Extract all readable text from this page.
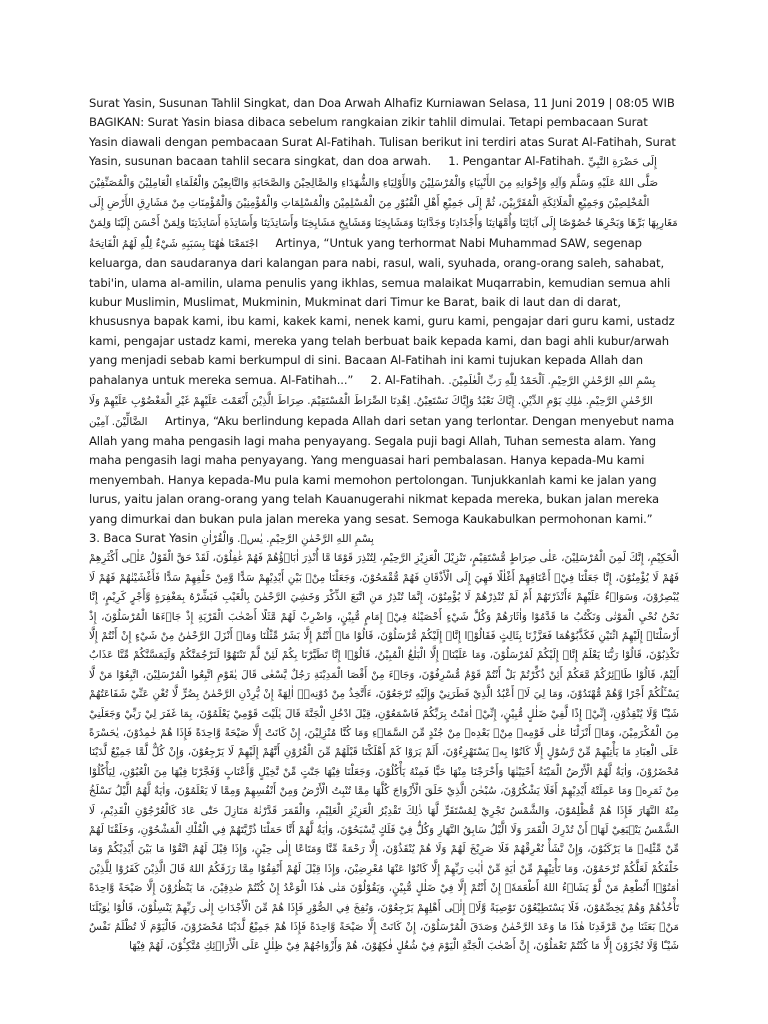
Surat Yasin, Susunan Tahlil Singkat, dan Doa Arwah Alhafiz Kurniawan Selasa, 11 Juni 2019 | 08:05 WIB BAGIKAN: Surat Yasin biasa dibaca sebelum rangkaian zikir tahlil dimulai. Tetapi pembacaan Surat Yasin diawali dengan pembacaan Surat Al-Fatihah. Tulisan berikut ini terdiri atas Surat Al-Fatihah, Surat Yasin, susunan bacaan tahlil secara singkat, dan doa arwah. 1. Pengantar Al-Fatihah. إِلَى حَضْرَةِ النَّبِيِّ صَلَّى اللهُ عَلَيْهِ وَسَلَّمَ وَآلِهِ وَإِخْوَانِهِ مِنَ الأَنْبِيَاءِ وَالْمُرْسَلِيْنَ وَالأَوْلِيَاءِ وَالشُّهَدَاءِ وَالصَّالِحِيْنَ وَالصَّحَابَةِ وَالتَّابِعِيْنَ وَالْعُلَمَاءِ الْعَامِلِيْنَ وَالْمُصَنِّفِيْنَ الْمُخْلِصِيْنَ وَجَمِيْعِ الْمَلَائِكَةِ الْمُقَرَّبِيْنَ، ثُمَّ إِلَى جَمِيْعِ أَهْلِ الْقُبُوْرِ مِنَ الْمُسْلِمِيْنَ وَالْمُسْلِمَاتِ وَالْمُؤْمِنِيْنَ وَالْمُؤْمِنَاتِ مِنْ مَشَارِقِ الأَرْضِ إِلَى مَغَارِبِهَا بَرِّهَا وَبَحْرِهَا خُصُوْصًا إِلَى آبَائِنَا وَأُمَّهَاتِنَا وَأَجْدَادِنَا وَجَدَّاتِنَا وَمَشَايِخِنَا وَمَشَايِخِ مَشَايِخِنَا وَأَسَاتِذَتِنَا وَأَسَاتِذَةِ أَسَاتِذَتِنَا وَلِمَنْ أَحْسَنَ إِلَيْنَا وَلِمَنْ اجْتَمَعْنَا هٰهُنَا بِسَبَبِهِ شَيْءٌ لِلّٰهِ لَهُمُ الْفَاتِحَةُ Artinya, “Untuk yang terhormat Nabi Muhammad SAW, segenap keluarga, dan saudaranya dari kalangan para nabi, rasul, wali, syuhada, orang-orang saleh, sahabat, tabi'in, ulama al-amilin, ulama penulis yang ikhlas, semua malaikat Muqarrabin, kemudian semua ahli kubur Muslimin, Muslimat, Mukminin, Mukminat dari Timur ke Barat, baik di laut dan di darat, khususnya bapak kami, ibu kami, kakek kami, nenek kami, guru kami, pengajar dari guru kami, ustadz kami, pengajar ustadz kami, mereka yang telah berbuat baik kepada kami, dan bagi ahli kubur/arwah yang menjadi sebab kami berkumpul di sini. Bacaan Al-Fatihah ini kami tujukan kepada Allah dan pahalanya untuk mereka semua. Al-Fatihah...” 2. Al-Fatihah. بِسْمِ اللهِ الرَّحْمٰنِ الرَّحِيْمِ. اَلْحَمْدُ لِلّٰهِ رَبِّ الْعٰلَمِيْنَ. الرَّحْمٰنِ الرَّحِيْمِ. مٰلِكِ يَوْمِ الدِّيْنِ. إِيَّاكَ نَعْبُدُ وَإِيَّاكَ نَسْتَعِيْنُ. اِهْدِنَا الصِّرَاطَ الْمُسْتَقِيْمَ. صِرَاطَ الَّذِيْنَ أَنْعَمْتَ عَلَيْهِمْ غَيْرِ الْمَغْضُوْبِ عَلَيْهِمْ وَلَا الضَّالِّيْنَ. آمِيْن Artinya, “Aku berlindung kepada Allah dari setan yang terlontar. Dengan menyebut nama Allah yang maha pengasih lagi maha penyayang. Segala puji bagi Allah, Tuhan semesta alam. Yang maha pengasih lagi maha penyayang. Yang menguasai hari pembalasan. Hanya kepada-Mu kami menyembah. Hanya kepada-Mu pula kami memohon pertolongan. Tunjukkanlah kami ke jalan yang lurus, yaitu jalan orang-orang yang telah Kauanugerahi nikmat kepada mereka, bukan jalan mereka yang dimurkai dan bukan pula jalan mereka yang sesat. Semoga Kaukabulkan permohonan kami.”  3. Baca Surat Yasin بِسْمِ اللهِ الرَّحْمٰنِ الرَّحِيْمِ. يٰسۤ. وَالْقُرْاٰنِ

الْحَكِيْمِ، إِنَّكَ لَمِنَ الْمُرْسَلِيْنَ، عَلٰى صِرَاطٍ مُّسْتَقِيْمٍ، تَنْزِيْلَ الْعَزِيْزِ الرَّحِيْمِ، لِتُنْذِرَ قَوْمًا مَّا أُنْذِرَ اٰبَاۤؤُهُمْ فَهُمْ غٰفِلُوْنَ، لَقَدْ حَقَّ الْقَوْلُ عَلٰۤى أَكْثَرِهِمْ فَهُمْ لَا يُؤْمِنُوْنَ، إِنَّا جَعَلْنَا فِيْۤ أَعْنَاقِهِمْ أَغْلٰلًا فَهِيَ إِلَى الْأَذْقَانِ فَهُمْ مُّقْمَحُوْنَ، وَجَعَلْنَا مِنْۢ بَيْنِ أَيْدِيْهِمْ سَدًّا وَّمِنْ خَلْفِهِمْ سَدًّا فَأَغْشَيْنٰهُمْ فَهُمْ لَا يُبْصِرُوْنَ، وَسَوَاۤءٌ عَلَيْهِمْ ءَأَنْذَرْتَهُمْ أَمْ لَمْ تُنْذِرْهُمْ لَا يُؤْمِنُوْنَ، إِنَّمَا تُنْذِرُ مَنِ اتَّبَعَ الذِّكْرَ وَخَشِيَ الرَّحْمٰنَ بِالْغَيْبِ فَبَشِّرْهُ بِمَغْفِرَةٍ وَّأَجْرٍ كَرِيْمٍ، إِنَّا نَحْنُ نُحْيِ الْمَوْتٰى وَنَكْتُبُ مَا قَدَّمُوْا وَاٰثَارَهُمْ وَكُلَّ شَيْءٍ أَحْصَيْنٰهُ فِيْۤ إِمَامٍ مُّبِيْنٍ، وَاضْرِبْ لَهُمْ مَّثَلًا أَصْحٰبَ الْقَرْيَةِ إِذْ جَاۤءَهَا الْمُرْسَلُوْنَ، إِذْ أَرْسَلْنَاۤ إِلَيْهِمُ اثْنَيْنِ فَكَذَّبُوْهُمَا فَعَزَّزْنَا بِثَالِثٍ فَقَالُوْۤا إِنَّاۤ إِلَيْكُمْ مُّرْسَلُوْنَ، قَالُوْا مَاۤ أَنْتُمْ إِلَّا بَشَرٌ مِّثْلُنَا وَمَاۤ أَنْزَلَ الرَّحْمٰنُ مِنْ شَيْءٍ إِنْ أَنْتُمْ إِلَّا تَكْذِبُوْنَ، قَالُوْا رَبُّنَا يَعْلَمُ إِنَّاۤ إِلَيْكُمْ لَمُرْسَلُوْنَ، وَمَا عَلَيْنَاۤ إِلَّا الْبَلٰغُ الْمُبِيْنُ، قَالُوْۤا إِنَّا تَطَيَّرْنَا بِكُمْ لَئِنْ لَّمْ تَنْتَهُوْا لَنَرْجُمَنَّكُمْ وَلَيَمَسَّنَّكُمْ مِّنَّا عَذَابٌ أَلِيْمٌ، قَالُوْا طَاۤئِرُكُمْ مَّعَكُمْ أَئِنْ ذُكِّرْتُمْ بَلْ أَنْتُمْ قَوْمٌ مُّسْرِفُوْنَ، وَجَاۤءَ مِنْ أَقْصَا الْمَدِيْنَةِ رَجُلٌ يَّسْعٰى قَالَ يٰقَوْمِ اتَّبِعُوا الْمُرْسَلِيْنَ، اتَّبِعُوْا مَنْ لَّا يَسْـَٔلُكُمْ أَجْرًا وَّهُمْ مُّهْتَدُوْنَ، وَمَا لِيَ لَاۤ أَعْبُدُ الَّذِيْ فَطَرَنِيْ وَإِلَيْهِ تُرْجَعُوْنَ، ءَأَتَّخِذُ مِنْ دُوْنِهٖۤ اٰلِهَةً إِنْ يُّرِدْنِ الرَّحْمٰنُ بِضُرٍّ لَّا تُغْنِ عَنِّيْ شَفَاعَتُهُمْ شَيْـًٔا وَّلَا يُنْقِذُوْنِ، إِنِّيْۤ إِذًا لَّفِيْ ضَلٰلٍ مُّبِيْنٍ، إِنِّيْۤ اٰمَنْتُ بِرَبِّكُمْ فَاسْمَعُوْنِ، قِيْلَ ادْخُلِ الْجَنَّةَ قَالَ يٰلَيْتَ قَوْمِيْ يَعْلَمُوْنَ، بِمَا غَفَرَ لِيْ رَبِّيْ وَجَعَلَنِيْ مِنَ الْمُكْرَمِيْنَ، وَمَاۤ أَنْزَلْنَا عَلٰى قَوْمِهٖ مِنْۢ بَعْدِهٖ مِنْ جُنْدٍ مِّنَ السَّمَاۤءِ وَمَا كُنَّا مُنْزِلِيْنَ، إِنْ كَانَتْ إِلَّا صَيْحَةً وَّاحِدَةً فَإِذَا هُمْ خٰمِدُوْنَ، يٰحَسْرَةً عَلَى الْعِبَادِ مَا يَأْتِيْهِمْ مِّنْ رَّسُوْلٍ إِلَّا كَانُوْا بِهٖ يَسْتَهْزِءُوْنَ، أَلَمْ يَرَوْا كَمْ أَهْلَكْنَا قَبْلَهُمْ مِّنَ الْقُرُوْنِ أَنَّهُمْ إِلَيْهِمْ لَا يَرْجِعُوْنَ، وَإِنْ كُلٌّ لَّمَّا جَمِيْعٌ لَّدَيْنَا مُحْضَرُوْنَ، وَاٰيَةٌ لَّهُمُ الْأَرْضُ الْمَيْتَةُ أَحْيَيْنٰهَا وَأَخْرَجْنَا مِنْهَا حَبًّا فَمِنْهُ يَأْكُلُوْنَ، وَجَعَلْنَا فِيْهَا جَنّٰتٍ مِّنْ نَّخِيْلٍ وَّأَعْنَابٍ وَّفَجَّرْنَا فِيْهَا مِنَ الْعُيُوْنِ، لِيَأْكُلُوْا مِنْ ثَمَرِهٖ وَمَا عَمِلَتْهُ أَيْدِيْهِمْ أَفَلَا يَشْكُرُوْنَ، سُبْحٰنَ الَّذِيْ خَلَقَ الْأَزْوَاجَ كُلَّهَا مِمَّا تُنْبِتُ الْأَرْضُ وَمِنْ أَنْفُسِهِمْ وَمِمَّا لَا يَعْلَمُوْنَ، وَاٰيَةٌ لَّهُمُ الَّيْلُ نَسْلَخُ مِنْهُ النَّهَارَ فَإِذَا هُمْ مُّظْلِمُوْنَ، وَالشَّمْسُ تَجْرِيْ لِمُسْتَقَرٍّ لَّهَا ذٰلِكَ تَقْدِيْرُ الْعَزِيْزِ الْعَلِيْمِ، وَالْقَمَرَ قَدَّرْنٰهُ مَنَازِلَ حَتّٰى عَادَ كَالْعُرْجُوْنِ الْقَدِيْمِ، لَا الشَّمْسُ يَنْۢبَغِيْ لَهَاۤ أَنْ تُدْرِكَ الْقَمَرَ وَلَا الَّيْلُ سَابِقُ النَّهَارِ وَكُلٌّ فِيْ فَلَكٍ يَّسْبَحُوْنَ، وَاٰيَةٌ لَّهُمْ أَنَّا حَمَلْنَا ذُرِّيَّتَهُمْ فِي الْفُلْكِ الْمَشْحُوْنِ، وَخَلَقْنَا لَهُمْ مِّنْ مِّثْلِهٖ مَا يَرْكَبُوْنَ، وَإِنْ نَّشَأْ نُغْرِقْهُمْ فَلَا صَرِيْخَ لَهُمْ وَلَا هُمْ يُنْقَذُوْنَ، إِلَّا رَحْمَةً مِّنَّا وَمَتَاعًا إِلٰى حِيْنٍ، وَإِذَا قِيْلَ لَهُمُ اتَّقُوْا مَا بَيْنَ أَيْدِيْكُمْ وَمَا خَلْفَكُمْ لَعَلَّكُمْ تُرْحَمُوْنَ، وَمَا تَأْتِيْهِمْ مِّنْ اٰيَةٍ مِّنْ اٰيٰتِ رَبِّهِمْ إِلَّا كَانُوْا عَنْهَا مُعْرِضِيْنَ، وَإِذَا قِيْلَ لَهُمْ أَنْفِقُوْا مِمَّا رَزَقَكُمُ اللهُ قَالَ الَّذِيْنَ كَفَرُوْا لِلَّذِيْنَ اٰمَنُوْۤا أَنُطْعِمُ مَنْ لَّوْ يَشَاۤءُ اللهُ أَطْعَمَهٗۤ إِنْ أَنْتُمْ إِلَّا فِيْ ضَلٰلٍ مُّبِيْنٍ، وَيَقُوْلُوْنَ مَتٰى هٰذَا الْوَعْدُ إِنْ كُنْتُمْ صٰدِقِيْنَ، مَا يَنْظُرُوْنَ إِلَّا صَيْحَةً وَّاحِدَةً تَأْخُذُهُمْ وَهُمْ يَخِصِّمُوْنَ، فَلَا يَسْتَطِيْعُوْنَ تَوْصِيَةً وَّلَاۤ إِلٰۤى أَهْلِهِمْ يَرْجِعُوْنَ، وَنُفِخَ فِي الصُّوْرِ فَإِذَا هُمْ مِّنَ الْأَجْدَاثِ إِلٰى رَبِّهِمْ يَنْسِلُوْنَ، قَالُوْا يٰوَيْلَنَا مَنْۢ بَعَثَنَا مِنْ مَّرْقَدِنَا هٰذَا مَا وَعَدَ الرَّحْمٰنُ وَصَدَقَ الْمُرْسَلُوْنَ، إِنْ كَانَتْ إِلَّا صَيْحَةً وَّاحِدَةً فَإِذَا هُمْ جَمِيْعٌ لَّدَيْنَا مُحْضَرُوْنَ، فَالْيَوْمَ لَا تُظْلَمُ نَفْسٌ شَيْـًٔا وَّلَا تُجْزَوْنَ إِلَّا مَا كُنْتُمْ تَعْمَلُوْنَ، إِنَّ أَصْحٰبَ الْجَنَّةِ الْيَوْمَ فِيْ شُغُلٍ فٰكِهُوْنَ، هُمْ وَأَزْوَاجُهُمْ فِيْ ظِلٰلٍ عَلَى الْأَرَاۤئِكِ مُتَّكِـُٔوْنَ، لَهُمْ فِيْهَا
